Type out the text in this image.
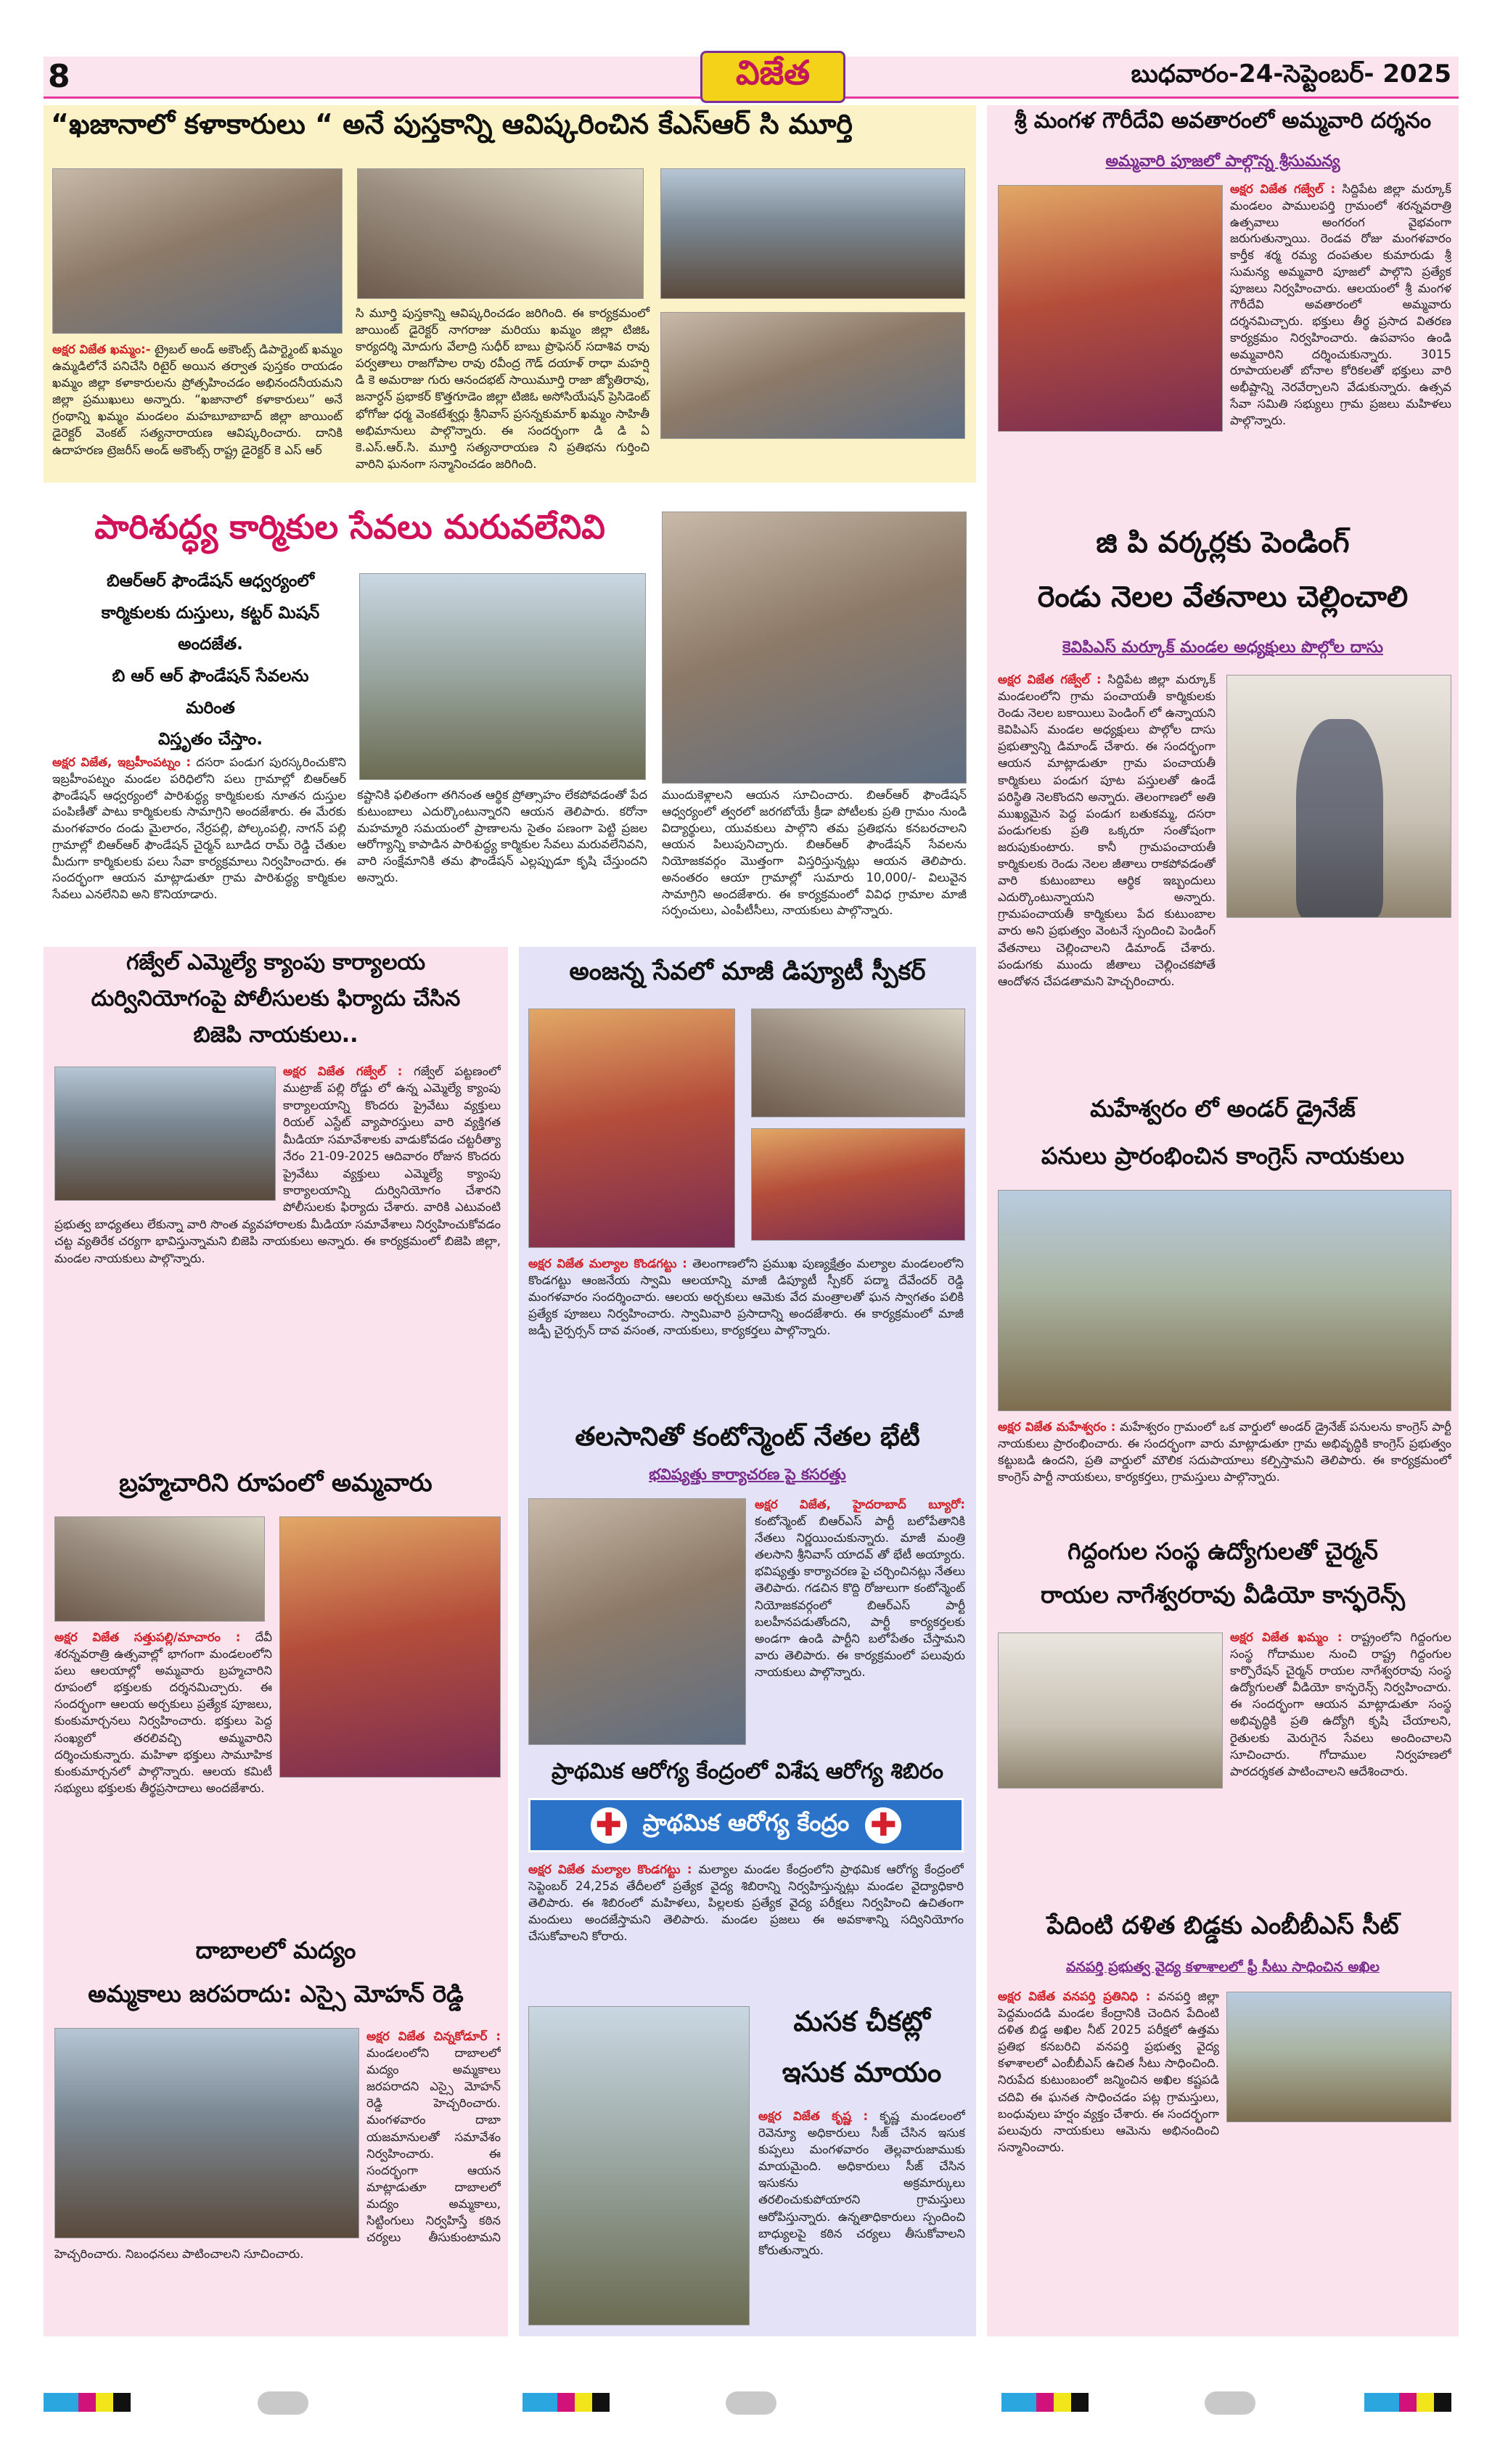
8	విజేత	బుధవారం-24-సెప్టెంబర్- 2025
“ఖజానాలో కళాకారులు “ అనే పుస్తకాన్ని ఆవిష్కరించిన కేఎస్ఆర్ సి మూర్తి
అక్షర విజేత ఖమ్మం:- ట్రైబల్ అండ్ అకౌంట్స్ డిపార్ట్మెంట్ ఖమ్మం ఉమ్మడిలోనే పనిచేసి రిటైర్ అయిన తర్వాత పుస్తకం రాయడం ఖమ్మం జిల్లా కళాకారులను ప్రోత్సహించడం అభినందనీయమని జిల్లా ప్రముఖులు అన్నారు. “ఖజానాలో కళాకారులు” అనే గ్రంథాన్ని ఖమ్మం మండలం మహబూబాబాద్ జిల్లా జాయింట్ డైరెక్టర్ వెంకట్ సత్యనారాయణ ఆవిష్కరించారు. దానికి ఉదాహరణ ట్రెజరీస్ అండ్ అకౌంట్స్ రాష్ట్ర డైరెక్టర్ కె ఎస్ ఆర్
సి మూర్తి పుస్తకాన్ని ఆవిష్కరించడం జరిగింది. ఈ కార్యక్రమంలో జాయింట్ డైరెక్టర్ నాగరాజు మరియు ఖమ్మం జిల్లా టిజిఓ కార్యదర్శి మోదుగు వేలాద్రి సుధీర్ బాబు ప్రొఫెసర్ సదాశివ రావు పర్వతాలు రాజగోపాల రావు రవీంద్ర గౌడ్ దయాళ్ రాధా మహర్షి డి కె అమరాజు గురు ఆనందభట్ సాయిమూర్తి రాజా జ్యోతిరావు, జనార్ధన్ ప్రభాకర్ కొత్తగూడెం జిల్లా టిజిఓ అసోసియేషన్ ప్రెసిడెంట్ భోగోజు ధర్మ వెంకటేశ్వర్లు శ్రీనివాస్ ప్రసన్నకుమార్ ఖమ్మం సాహితీ అభిమానులు పాల్గొన్నారు. ఈ సందర్భంగా డి డి ఏ కె.ఎస్.ఆర్.సి. మూర్తి సత్యనారాయణ ని ప్రతిభను గుర్తించి వారిని ఘనంగా సన్మానించడం జరిగింది.
శ్రీ మంగళ గౌరీదేవి అవతారంలో అమ్మవారి దర్శనం
అమ్మవారి పూజలో పాల్గొన్న శ్రీసుమన్య
అక్షర విజేత గజ్వేల్ : సిద్దిపేట జిల్లా మర్కూక్ మండలం పాములపర్తి గ్రామంలో శరన్నవరాత్రి ఉత్సవాలు అంగరంగ వైభవంగా జరుగుతున్నాయి. రెండవ రోజు మంగళవారం కార్తీక శర్మ రమ్య దంపతుల కుమారుడు శ్రీ సుమన్య అమ్మవారి పూజలో పాల్గొని ప్రత్యేక పూజలు నిర్వహించారు. ఆలయంలో శ్రీ మంగళ గౌరీదేవి అవతారంలో అమ్మవారు దర్శనమిచ్చారు. భక్తులు తీర్థ ప్రసాద వితరణ కార్యక్రమం నిర్వహించారు. ఉపవాసం ఉండి అమ్మవారిని దర్శించుకున్నారు. 3015 రూపాయలతో బోనాల కోరికలతో భక్తులు వారి అభీష్టాన్ని నెరవేర్చాలని వేడుకున్నారు. ఉత్సవ సేవా సమితి సభ్యులు గ్రామ ప్రజలు మహిళలు పాల్గొన్నారు.
పారిశుద్ధ్య కార్మికుల సేవలు మరువలేనివి
బిఆర్ఆర్ ఫౌండేషన్ ఆధ్వర్యంలో
కార్మికులకు దుస్తులు, కట్టర్ మిషన్
అందజేత.
బి ఆర్ ఆర్ ఫౌండేషన్ సేవలను మరింత
విస్తృతం చేస్తాం.
అక్షర విజేత, ఇబ్రహీంపట్నం : దసరా పండుగ పురస్కరించుకొని ఇబ్రహీంపట్నం మండల పరిధిలోని పలు గ్రామాల్లో బిఆర్ఆర్ ఫౌండేషన్ ఆధ్వర్యంలో పారిశుద్ధ్య కార్మికులకు నూతన దుస్తుల పంపిణీతో పాటు కార్మికులకు సామాగ్రిని అందజేశారు. ఈ మేరకు మంగళవారం దండు మైలారం, నేర్రపల్లి, పోల్కంపల్లి, నాగన్ పల్లి గ్రామాల్లో బిఆర్ఆర్ ఫౌండేషన్ చైర్మన్ బూడిద రామ్ రెడ్డి చేతుల మీదుగా కార్మికులకు పలు సేవా కార్యక్రమాలు నిర్వహించారు. ఈ సందర్భంగా ఆయన మాట్లాడుతూ గ్రామ పారిశుద్ధ్య కార్మికుల సేవలు ఎనలేనివి అని కొనియాడారు.
కష్టానికి ఫలితంగా తగినంత ఆర్థిక ప్రోత్సాహం లేకపోవడంతో పేద కుటుంబాలు ఎదుర్కొంటున్నారని ఆయన తెలిపారు. కరోనా మహమ్మారి సమయంలో ప్రాణాలను సైతం పణంగా పెట్టి ప్రజల ఆరోగ్యాన్ని కాపాడిన పారిశుద్ధ్య కార్మికుల సేవలు మరువలేనివని, వారి సంక్షేమానికి తమ ఫౌండేషన్ ఎల్లప్పుడూ కృషి చేస్తుందని అన్నారు.
ముందుకెళ్లాలని ఆయన సూచించారు. బిఆర్ఆర్ ఫౌండేషన్ ఆధ్వర్యంలో త్వరలో జరగబోయే క్రీడా పోటీలకు ప్రతి గ్రామం నుండి విద్యార్థులు, యువకులు పాల్గొని తమ ప్రతిభను కనబరచాలని ఆయన పిలుపునిచ్చారు. బిఆర్ఆర్ ఫౌండేషన్ సేవలను నియోజకవర్గం మొత్తంగా విస్తరిస్తున్నట్లు ఆయన తెలిపారు. అనంతరం ఆయా గ్రామాల్లో సుమారు 10,000/- విలువైన సామాగ్రిని అందజేశారు. ఈ కార్యక్రమంలో వివిధ గ్రామాల మాజీ సర్పంచులు, ఎంపీటీసీలు, నాయకులు పాల్గొన్నారు.
జి పి వర్కర్లకు పెండింగ్
రెండు నెలల వేతనాలు చెల్లించాలి
కెవిపిఎస్ మర్కూక్ మండల అధ్యక్షులు పొల్గోల దాసు
అక్షర విజేత గజ్వేల్ : సిద్దిపేట జిల్లా మర్కూక్ మండలంలోని గ్రామ పంచాయతీ కార్మికులకు రెండు నెలల బకాయిలు పెండింగ్ లో ఉన్నాయని కెవిపిఎస్ మండల అధ్యక్షులు పొల్గోల దాసు ప్రభుత్వాన్ని డిమాండ్ చేశారు. ఈ సందర్భంగా ఆయన మాట్లాడుతూ గ్రామ పంచాయతీ కార్మికులు పండుగ పూట పస్తులతో ఉండే పరిస్థితి నెలకొందని అన్నారు. తెలంగాణలో అతి ముఖ్యమైన పెద్ద పండుగ బతుకమ్మ, దసరా పండుగలకు ప్రతి ఒక్కరూ సంతోషంగా జరుపుకుంటారు. కానీ గ్రామపంచాయతీ కార్మికులకు రెండు నెలల జీతాలు రాకపోవడంతో వారి కుటుంబాలు ఆర్థిక ఇబ్బందులు ఎదుర్కొంటున్నాయని అన్నారు. గ్రామపంచాయతీ కార్మికులు పేద కుటుంబాల వారు అని ప్రభుత్వం వెంటనే స్పందించి పెండింగ్ వేతనాలు చెల్లించాలని డిమాండ్ చేశారు. పండుగకు ముందు జీతాలు చెల్లించకపోతే ఆందోళన చేపడతామని హెచ్చరించారు.
గజ్వేల్ ఎమ్మెల్యే క్యాంపు కార్యాలయ
దుర్వినియోగంపై పోలీసులకు ఫిర్యాదు చేసిన
బిజెపి నాయకులు..
అక్షర విజేత గజ్వేల్ : గజ్వేల్ పట్టణంలో ముట్రాజ్ పల్లి రోడ్డు లో ఉన్న ఎమ్మెల్యే క్యాంపు కార్యాలయాన్ని కొందరు ప్రైవేటు వ్యక్తులు రియల్ ఎస్టేట్ వ్యాపారస్తులు వారి వ్యక్తిగత మీడియా సమావేశాలకు వాడుకోవడం చట్టరీత్యా నేరం 21-09-2025 ఆదివారం రోజున కొందరు ప్రైవేటు వ్యక్తులు ఎమ్మెల్యే క్యాంపు కార్యాలయాన్ని దుర్వినియోగం చేశారని పోలీసులకు ఫిర్యాదు చేశారు. వారికి ఎటువంటి ప్రభుత్వ బాధ్యతలు లేకున్నా వారి సొంత వ్యవహారాలకు మీడియా సమావేశాలు నిర్వహించుకోవడం చట్ట వ్యతిరేక చర్యగా భావిస్తున్నామని బిజెపి నాయకులు అన్నారు. ఈ కార్యక్రమంలో బిజెపి జిల్లా, మండల నాయకులు పాల్గొన్నారు.
అంజన్న సేవలో మాజీ డిప్యూటీ స్పీకర్
అక్షర విజేత మల్యాల కొండగట్టు : తెలంగాణలోని ప్రముఖ పుణ్యక్షేత్రం మల్యాల మండలంలోని కొండగట్టు ఆంజనేయ స్వామి ఆలయాన్ని మాజీ డిప్యూటీ స్పీకర్ పద్మా దేవేందర్ రెడ్డి మంగళవారం సందర్శించారు. ఆలయ అర్చకులు ఆమెకు వేద మంత్రాలతో ఘన స్వాగతం పలికి ప్రత్యేక పూజలు నిర్వహించారు. స్వామివారి ప్రసాదాన్ని అందజేశారు. ఈ కార్యక్రమంలో మాజీ జడ్పీ చైర్పర్సన్ దావ వసంత, నాయకులు, కార్యకర్తలు పాల్గొన్నారు.
మహేశ్వరం లో అండర్ డ్రైనేజ్
పనులు ప్రారంభించిన కాంగ్రెస్ నాయకులు
అక్షర విజేత మహేశ్వరం : మహేశ్వరం గ్రామంలో ఒక వార్డులో అండర్ డ్రైనేజ్ పనులను కాంగ్రెస్ పార్టీ నాయకులు ప్రారంభించారు. ఈ సందర్భంగా వారు మాట్లాడుతూ గ్రామ అభివృద్ధికి కాంగ్రెస్ ప్రభుత్వం కట్టుబడి ఉందని, ప్రతి వార్డులో మౌలిక సదుపాయాలు కల్పిస్తామని తెలిపారు. ఈ కార్యక్రమంలో కాంగ్రెస్ పార్టీ నాయకులు, కార్యకర్తలు, గ్రామస్తులు పాల్గొన్నారు.
తలసానితో కంటోన్మెంట్ నేతల భేటీ
భవిష్యత్తు కార్యాచరణ పై కసరత్తు
అక్షర విజేత, హైదరాబాద్ బ్యూరో: కంటోన్మెంట్ బిఆర్ఎస్ పార్టీ బలోపేతానికి నేతలు నిర్ణయించుకున్నారు. మాజీ మంత్రి తలసాని శ్రీనివాస్ యాదవ్ తో భేటీ అయ్యారు. భవిష్యత్తు కార్యాచరణ పై చర్చించినట్లు నేతలు తెలిపారు. గడచిన కొద్ది రోజులుగా కంటోన్మెంట్ నియోజకవర్గంలో బిఆర్ఎస్ పార్టీ బలహీనపడుతోందని, పార్టీ కార్యకర్తలకు అండగా ఉండి పార్టీని బలోపేతం చేస్తామని వారు తెలిపారు. ఈ కార్యక్రమంలో పలువురు నాయకులు పాల్గొన్నారు.
బ్రహ్మచారిని రూపంలో అమ్మవారు
అక్షర విజేత సత్తుపల్లి/మాచారం : దేవీ శరన్నవరాత్రి ఉత్సవాల్లో భాగంగా మండలంలోని పలు ఆలయాల్లో అమ్మవారు బ్రహ్మచారిని రూపంలో భక్తులకు దర్శనమిచ్చారు. ఈ సందర్భంగా ఆలయ అర్చకులు ప్రత్యేక పూజలు, కుంకుమార్చనలు నిర్వహించారు. భక్తులు పెద్ద సంఖ్యలో తరలివచ్చి అమ్మవారిని దర్శించుకున్నారు. మహిళా భక్తులు సామూహిక కుంకుమార్చనలో పాల్గొన్నారు. ఆలయ కమిటీ సభ్యులు భక్తులకు తీర్థప్రసాదాలు అందజేశారు.
గిద్దంగుల సంస్థ ఉద్యోగులతో చైర్మన్
రాయల నాగేశ్వరరావు వీడియో కాన్ఫరెన్స్
అక్షర విజేత ఖమ్మం : రాష్ట్రంలోని గిద్దంగుల సంస్థ గోదాముల నుంచి రాష్ట్ర గిద్దంగుల కార్పొరేషన్ చైర్మన్ రాయల నాగేశ్వరరావు సంస్థ ఉద్యోగులతో వీడియో కాన్ఫరెన్స్ నిర్వహించారు. ఈ సందర్భంగా ఆయన మాట్లాడుతూ సంస్థ అభివృద్ధికి ప్రతి ఉద్యోగి కృషి చేయాలని, రైతులకు మెరుగైన సేవలు అందించాలని సూచించారు. గోదాముల నిర్వహణలో పారదర్శకత పాటించాలని ఆదేశించారు.
ప్రాథమిక ఆరోగ్య కేంద్రంలో విశేష ఆరోగ్య శిబిరం
✚ ప్రాథమిక ఆరోగ్య కేంద్రం ✚
అక్షర విజేత మల్యాల కొండగట్టు : మల్యాల మండల కేంద్రంలోని ప్రాథమిక ఆరోగ్య కేంద్రంలో సెప్టెంబర్ 24,25వ తేదీలలో ప్రత్యేక వైద్య శిబిరాన్ని నిర్వహిస్తున్నట్లు మండల వైద్యాధికారి తెలిపారు. ఈ శిబిరంలో మహిళలు, పిల్లలకు ప్రత్యేక వైద్య పరీక్షలు నిర్వహించి ఉచితంగా మందులు అందజేస్తామని తెలిపారు. మండల ప్రజలు ఈ అవకాశాన్ని సద్వినియోగం చేసుకోవాలని కోరారు.
దాబాలలో మద్యం
అమ్మకాలు జరపరాదు: ఎస్సై మోహన్ రెడ్డి
అక్షర విజేత చిన్నకోడూర్ : మండలంలోని దాబాలలో మద్యం అమ్మకాలు జరపరాదని ఎస్సై మోహన్ రెడ్డి హెచ్చరించారు. మంగళవారం దాబా యజమానులతో సమావేశం నిర్వహించారు. ఈ సందర్భంగా ఆయన మాట్లాడుతూ దాబాలలో మద్యం అమ్మకాలు, సిట్టింగులు నిర్వహిస్తే కఠిన చర్యలు తీసుకుంటామని హెచ్చరించారు. నిబంధనలు పాటించాలని సూచించారు.
పేదింటి దళిత బిడ్డకు ఎంబీబీఎస్ సీట్
వనపర్తి ప్రభుత్వ వైద్య కళాశాలలో ఫ్రీ సీటు సాధించిన అఖిల
అక్షర విజేత వనపర్తి ప్రతినిధి : వనపర్తి జిల్లా పెద్దమందడి మండల కేంద్రానికి చెందిన పేదింటి దళిత బిడ్డ అఖిల నీట్ 2025 పరీక్షలో ఉత్తమ ప్రతిభ కనబరిచి వనపర్తి ప్రభుత్వ వైద్య కళాశాలలో ఎంబీబీఎస్ ఉచిత సీటు సాధించింది. నిరుపేద కుటుంబంలో జన్మించిన అఖిల కష్టపడి చదివి ఈ ఘనత సాధించడం పట్ల గ్రామస్తులు, బంధువులు హర్షం వ్యక్తం చేశారు. ఈ సందర్భంగా పలువురు నాయకులు ఆమెను అభినందించి సన్మానించారు.
మసక చీకట్లో
ఇసుక మాయం
అక్షర విజేత కృష్ణ : కృష్ణ మండలంలో రెవెన్యూ అధికారులు సీజ్ చేసిన ఇసుక కుప్పలు మంగళవారం తెల్లవారుజాముకు మాయమైంది. అధికారులు సీజ్ చేసిన ఇసుకను అక్రమార్కులు తరలించుకుపోయారని గ్రామస్తులు ఆరోపిస్తున్నారు. ఉన్నతాధికారులు స్పందించి బాధ్యులపై కఠిన చర్యలు తీసుకోవాలని కోరుతున్నారు.
